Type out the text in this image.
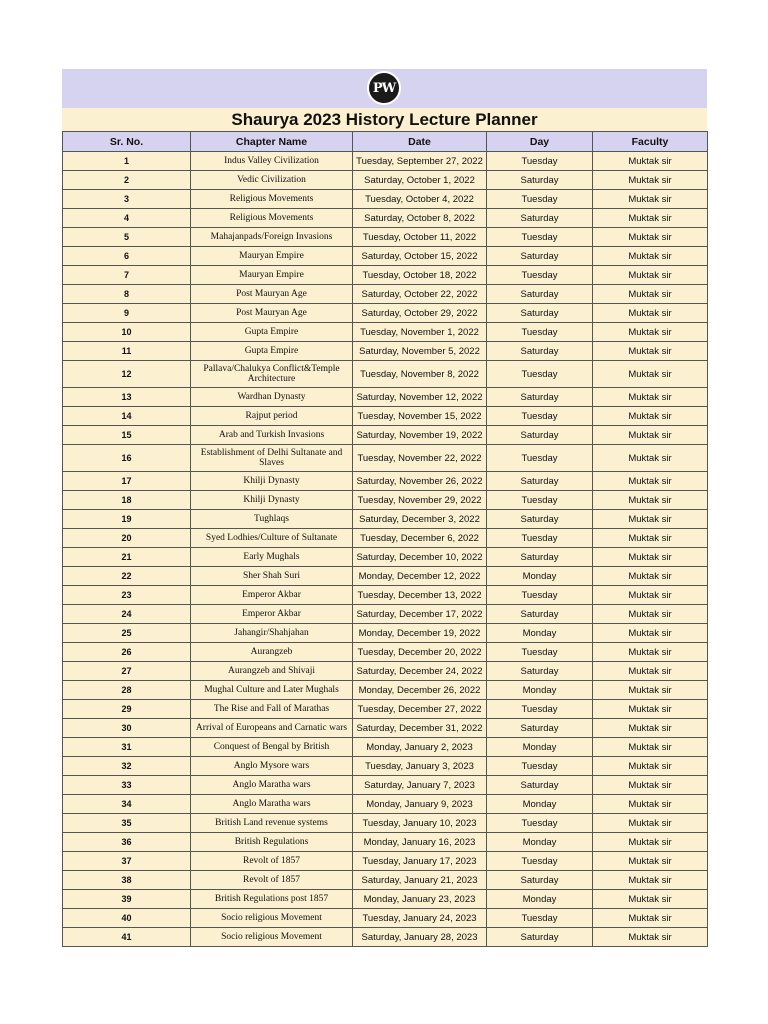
PW
Shaurya 2023 History Lecture Planner
Sr. No.	Chapter Name	Date	Day	Faculty
1	Indus Valley Civilization	Tuesday, September 27, 2022	Tuesday	Muktak sir
2	Vedic Civilization	Saturday, October 1, 2022	Saturday	Muktak sir
3	Religious Movements	Tuesday, October 4, 2022	Tuesday	Muktak sir
4	Religious Movements	Saturday, October 8, 2022	Saturday	Muktak sir
5	Mahajanpads/Foreign Invasions	Tuesday, October 11, 2022	Tuesday	Muktak sir
6	Mauryan Empire	Saturday, October 15, 2022	Saturday	Muktak sir
7	Mauryan Empire	Tuesday, October 18, 2022	Tuesday	Muktak sir
8	Post Mauryan Age	Saturday, October 22, 2022	Saturday	Muktak sir
9	Post Mauryan Age	Saturday, October 29, 2022	Saturday	Muktak sir
10	Gupta Empire	Tuesday, November 1, 2022	Tuesday	Muktak sir
11	Gupta Empire	Saturday, November 5, 2022	Saturday	Muktak sir
12	Pallava/Chalukya Conflict&Temple Architecture	Tuesday, November 8, 2022	Tuesday	Muktak sir
13	Wardhan Dynasty	Saturday, November 12, 2022	Saturday	Muktak sir
14	Rajput period	Tuesday, November 15, 2022	Tuesday	Muktak sir
15	Arab and Turkish Invasions	Saturday, November 19, 2022	Saturday	Muktak sir
16	Establishment of Delhi Sultanate and Slaves	Tuesday, November 22, 2022	Tuesday	Muktak sir
17	Khilji Dynasty	Saturday, November 26, 2022	Saturday	Muktak sir
18	Khilji Dynasty	Tuesday, November 29, 2022	Tuesday	Muktak sir
19	Tughlaqs	Saturday, December 3, 2022	Saturday	Muktak sir
20	Syed Lodhies/Culture of Sultanate	Tuesday, December 6, 2022	Tuesday	Muktak sir
21	Early Mughals	Saturday, December 10, 2022	Saturday	Muktak sir
22	Sher Shah Suri	Monday, December 12, 2022	Monday	Muktak sir
23	Emperor Akbar	Tuesday, December 13, 2022	Tuesday	Muktak sir
24	Emperor Akbar	Saturday, December 17, 2022	Saturday	Muktak sir
25	Jahangir/Shahjahan	Monday, December 19, 2022	Monday	Muktak sir
26	Aurangzeb	Tuesday, December 20, 2022	Tuesday	Muktak sir
27	Aurangzeb and Shivaji	Saturday, December 24, 2022	Saturday	Muktak sir
28	Mughal Culture and Later Mughals	Monday, December 26, 2022	Monday	Muktak sir
29	The Rise and Fall of Marathas	Tuesday, December 27, 2022	Tuesday	Muktak sir
30	Arrival of Europeans and Carnatic wars	Saturday, December 31, 2022	Saturday	Muktak sir
31	Conquest of Bengal by British	Monday, January 2, 2023	Monday	Muktak sir
32	Anglo Mysore wars	Tuesday, January 3, 2023	Tuesday	Muktak sir
33	Anglo Maratha wars	Saturday, January 7, 2023	Saturday	Muktak sir
34	Anglo Maratha wars	Monday, January 9, 2023	Monday	Muktak sir
35	British Land revenue systems	Tuesday, January 10, 2023	Tuesday	Muktak sir
36	British Regulations	Monday, January 16, 2023	Monday	Muktak sir
37	Revolt of 1857	Tuesday, January 17, 2023	Tuesday	Muktak sir
38	Revolt of 1857	Saturday, January 21, 2023	Saturday	Muktak sir
39	British Regulations post 1857	Monday, January 23, 2023	Monday	Muktak sir
40	Socio religious Movement	Tuesday, January 24, 2023	Tuesday	Muktak sir
41	Socio religious Movement	Saturday, January 28, 2023	Saturday	Muktak sir
